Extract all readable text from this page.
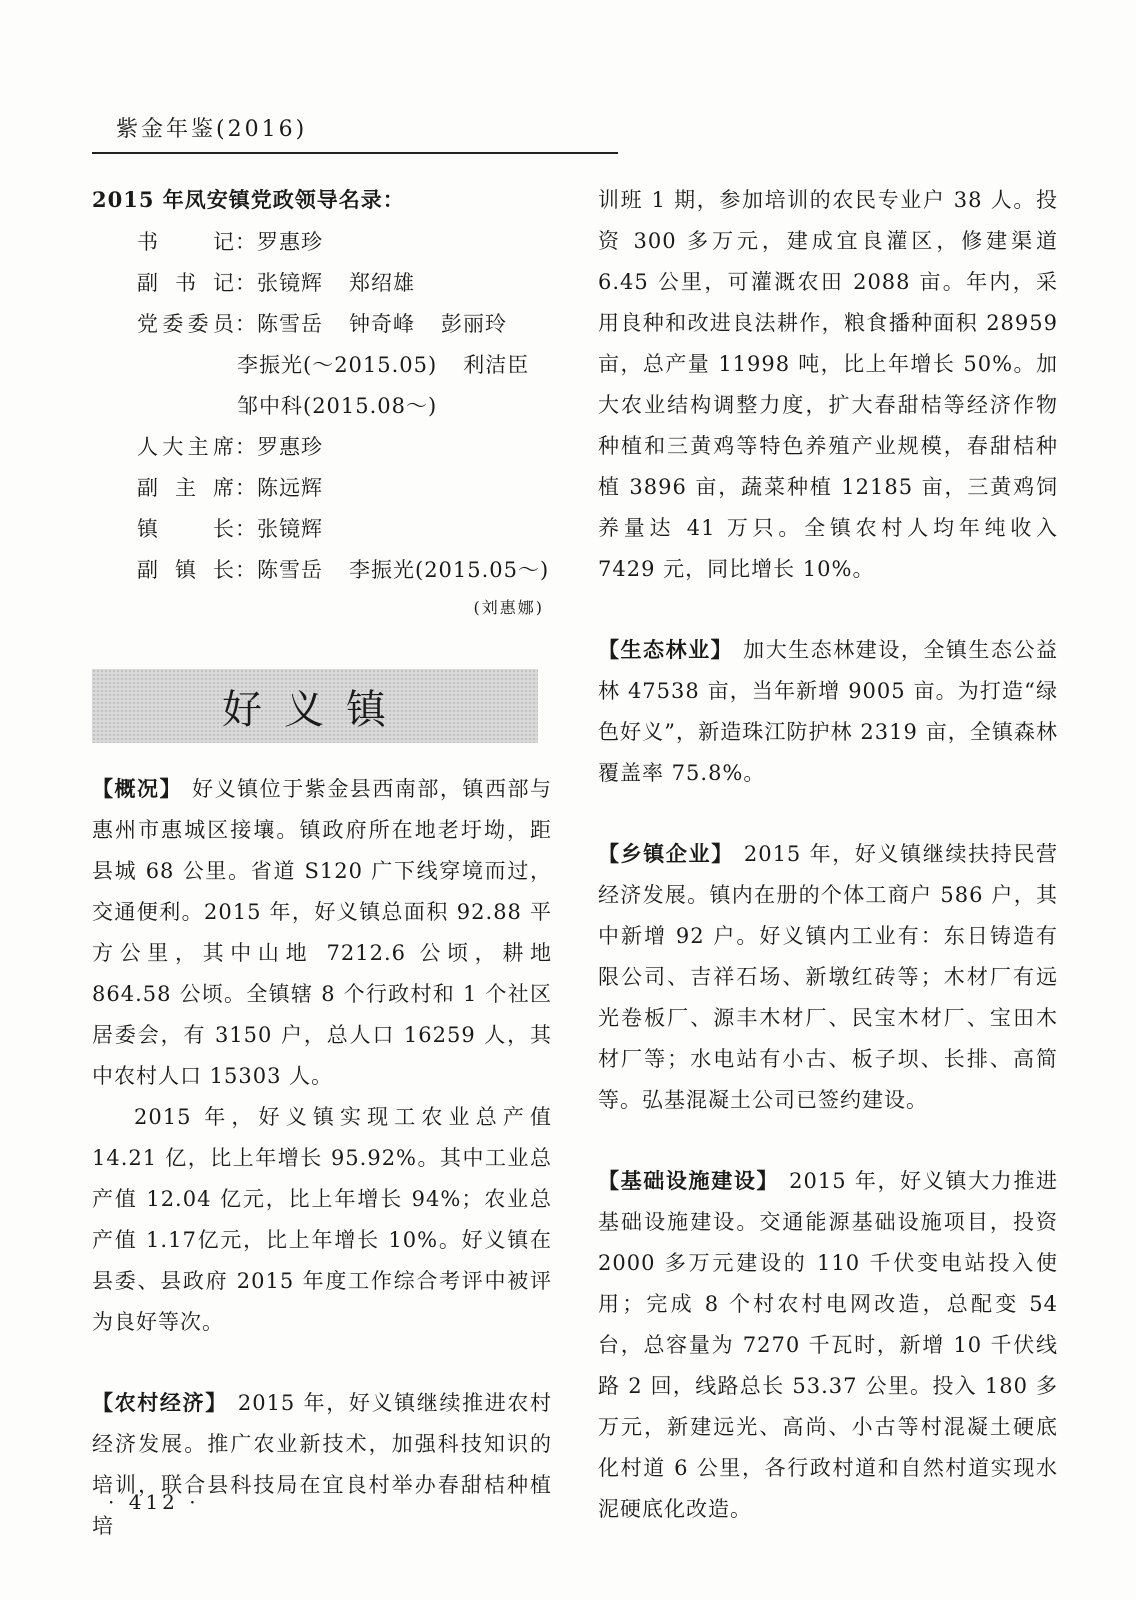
紫金年鉴(2016)
2015 年凤安镇党政领导名录：
书记 ： 罗惠珍
副书记 ： 张镜辉 郑绍雄
党委委员 ： 陈雪岳 钟奇峰 彭丽玲
李振光(～2015.05) 利洁臣
邹中科(2015.08～)
人大主席 ： 罗惠珍
副主席 ： 陈远辉
镇长 ： 张镜辉
副镇长 ： 陈雪岳 李振光(2015.05～)
(刘惠娜)
好义镇

【概况】 好义镇位于紫金县西南部，镇西部与惠州市惠城区接壤。镇政府所在地老圩坳，距县城 68 公里。省道 S120 广下线穿境而过，交通便利。2015 年，好义镇总面积 92.88 平方公里，其中山地 7212.6 公顷，耕地 864.58 公顷。全镇辖 8 个行政村和 1 个社区居委会，有 3150 户，总人口 16259 人，其中农村人口 15303 人。

2015 年，好义镇实现工农业总产值 14.21 亿，比上年增长 95.92%。其中工业总产值 12.04 亿元，比上年增长 94%；农业总产值 1.17亿元，比上年增长 10%。好义镇在县委、县政府 2015 年度工作综合考评中被评为良好等次。

【农村经济】 2015 年，好义镇继续推进农村经济发展。推广农业新技术，加强科技知识的培训，联合县科技局在宜良村举办春甜桔种植培

训班 1 期，参加培训的农民专业户 38 人。投资 300 多万元，建成宜良灌区，修建渠道 6.45 公里，可灌溉农田 2088 亩。年内，采用良种和改进良法耕作，粮食播种面积 28959 亩，总产量 11998 吨，比上年增长 50%。加大农业结构调整力度，扩大春甜桔等经济作物种植和三黄鸡等特色养殖产业规模，春甜桔种植 3896 亩，蔬菜种植 12185 亩，三黄鸡饲养量达 41 万只。全镇农村人均年纯收入 7429 元，同比增长 10%。

【生态林业】 加大生态林建设，全镇生态公益林 47538 亩，当年新增 9005 亩。为打造“绿色好义”，新造珠江防护林 2319 亩，全镇森林覆盖率 75.8%。

【乡镇企业】 2015 年，好义镇继续扶持民营经济发展。镇内在册的个体工商户 586 户，其中新增 92 户。好义镇内工业有：东日铸造有限公司、吉祥石场、新墩红砖等；木材厂有远光卷板厂、源丰木材厂、民宝木材厂、宝田木材厂等；水电站有小古、板子坝、长排、高简等。弘基混凝土公司已签约建设。

【基础设施建设】 2015 年，好义镇大力推进基础设施建设。交通能源基础设施项目，投资 2000 多万元建设的 110 千伏变电站投入使用；完成 8 个村农村电网改造，总配变 54 台，总容量为 7270 千瓦时，新增 10 千伏线路 2 回，线路总长 53.37 公里。投入 180 多万元，新建远光、高尚、小古等村混凝土硬底化村道 6 公里，各行政村道和自然村道实现水泥硬底化改造。

· 412 ·
